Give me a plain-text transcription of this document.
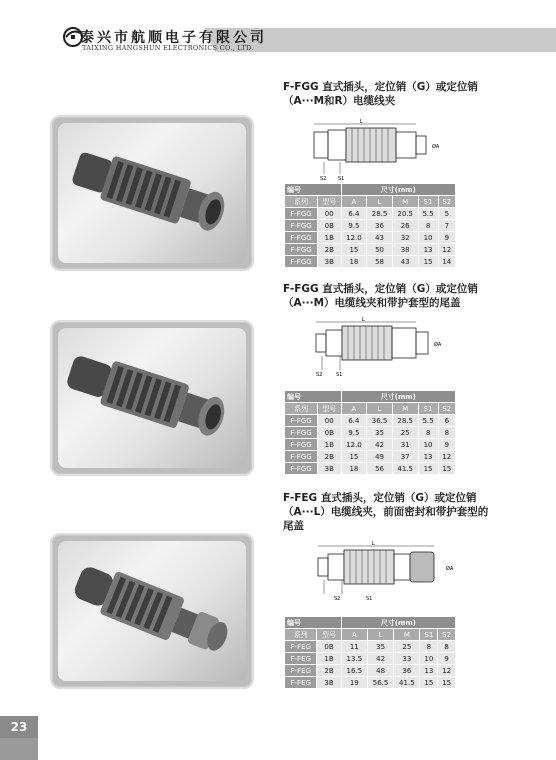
泰兴市航顺电子有限公司
TAIXING HANGSHUN ELECTRONICS CO., LTD.
F-FGG 直式插头，定位销（G）或定位销
（A···M和R）电缆线夹
L
S2 S1
ØA
编号		尺寸(mm)				
系列	型号	A	L	M	S1	S2
F-FGG	00	6.4	28.5	20.5	5.5	5
F-FGG	0B	9.5	36	26	8	7
F-FGG	1B	12.0	43	32	10	9
F-FGG	2B	15	50	38	13	12
F-FGG	3B	18	58	43	15	14
F-FGG 直式插头，定位销（G）或定位销
（A···M）电缆线夹和带护套型的尾盖
L
S2	S1
ØA
编号		尺寸(mm)				
系列	型号	A	L	M	S1	S2
F-FGG	00	6.4	36.5	28.5	5.5	6
F-FGG	0B	9.5	35	25	8	8
F-FGG	1B	12.0	42	31	10	9
F-FGG	2B	15	49	37	13	12
F-FGG	3B	18	56	41.5	15	15
F-FEG 直式插头，定位销（G）或定位销
（A···L）电缆线夹，前面密封和带护套型的
尾盖
L
S2	S1
ØA
编号		尺寸(mm)				
系列	型号	A	L	M	S1	S2
F-FEG	0B	11	35	25	8	8
F-FEG	1B	13.5	42	33	10	9
F-FEG	2B	16.5	48	36	13	12
F-FEG	3B	19	56.5	41.5	15	15
23
